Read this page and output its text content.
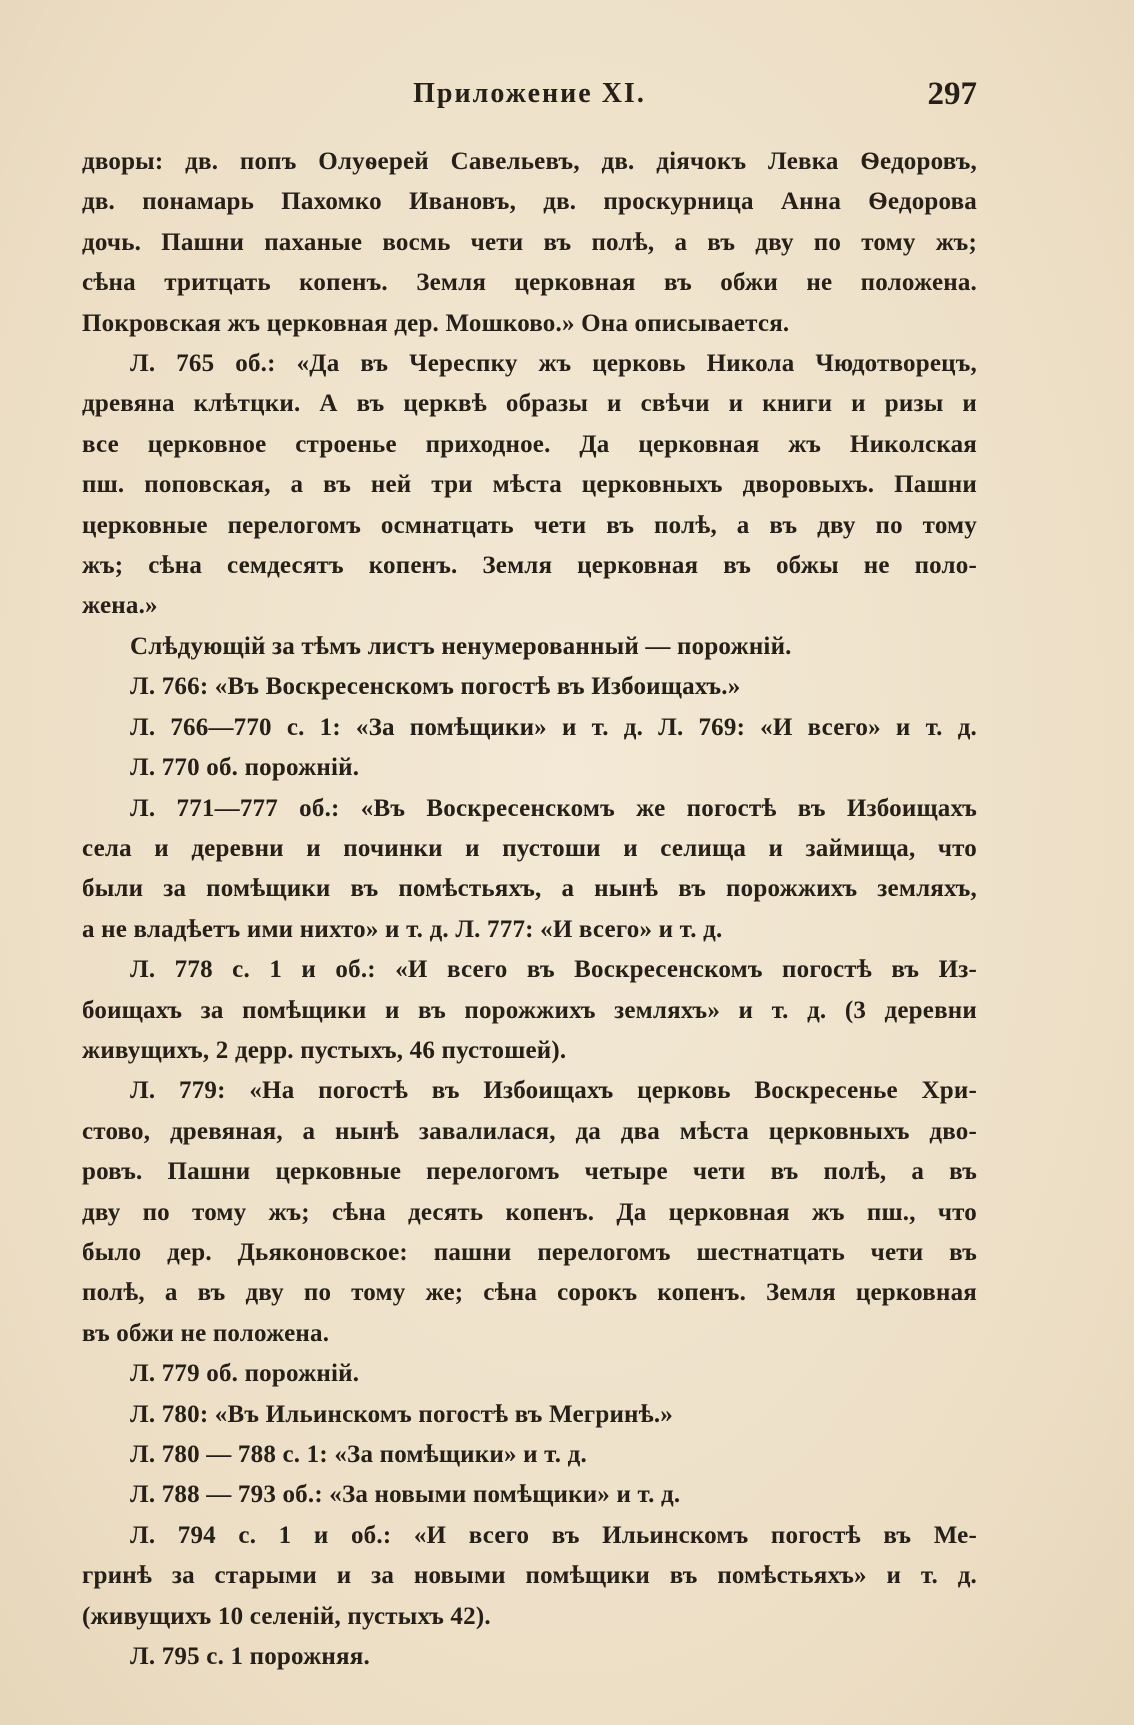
Приложение XI.	297
дворы: дв. попъ Олуѳерей Савельевъ, дв. дiячокъ Левка Ѳедоровъ,
дв. понамарь Пахомко Ивановъ, дв. проскурница Анна Ѳедорова
дочь. Пашни паханые восмь чети въ полѣ, а въ дву по тому жъ;
сѣна тритцать копенъ. Земля церковная въ обжи не положена.
Покровская жъ церковная дер. Мошково.» Она описывается.
Л. 765 об.: «Да въ Череспку жъ церковь Никола Чюдотворецъ,
древяна клѣтцки. А въ церквѣ образы и свѣчи и книги и ризы и
все церковное строенье приходное. Да церковная жъ Николская
пш. поповская, а въ ней три мѣста церковныхъ дворовыхъ. Пашни
церковные перелогомъ осмнатцать чети въ полѣ, а въ дву по тому
жъ; сѣна семдесятъ копенъ. Земля церковная въ обжы не поло-
жена.»
Слѣдующiй за тѣмъ листъ ненумерованный — порожнiй.
Л. 766: «Въ Воскресенскомъ погостѣ въ Избоищахъ.»
Л. 766—770 с. 1: «За помѣщики» и т. д. Л. 769: «И всего» и т. д.
Л. 770 об. порожнiй.
Л. 771—777 об.: «Въ Воскресенскомъ же погостѣ въ Избоищахъ
села и деревни и починки и пустоши и селища и займища, что
были за помѣщики въ помѣстьяхъ, а нынѣ въ порожжихъ земляхъ,
а не владѣетъ ими нихто» и т. д. Л. 777: «И всего» и т. д.
Л. 778 с. 1 и об.: «И всего въ Воскресенскомъ погостѣ въ Из-
боищахъ за помѣщики и въ порожжихъ земляхъ» и т. д. (3 деревни
живущихъ, 2 дерр. пустыхъ, 46 пустошей).
Л. 779: «На погостѣ въ Избоищахъ церковь Воскресенье Хри-
стово, древяная, а нынѣ завалилася, да два мѣста церковныхъ дво-
ровъ. Пашни церковные перелогомъ четыре чети въ полѣ, а въ
дву по тому жъ; сѣна десять копенъ. Да церковная жъ пш., что
было дер. Дьяконовское: пашни перелогомъ шестнатцать чети въ
полѣ, а въ дву по тому же; сѣна сорокъ копенъ. Земля церковная
въ обжи не положена.
Л. 779 об. порожнiй.
Л. 780: «Въ Ильинскомъ погостѣ въ Мегринѣ.»
Л. 780 — 788 с. 1: «За помѣщики» и т. д.
Л. 788 — 793 об.: «За новыми помѣщики» и т. д.
Л. 794 с. 1 и об.: «И всего въ Ильинскомъ погостѣ въ Ме-
гринѣ за старыми и за новыми помѣщики въ помѣстьяхъ» и т. д.
(живущихъ 10 селенiй, пустыхъ 42).
Л. 795 с. 1 порожняя.
